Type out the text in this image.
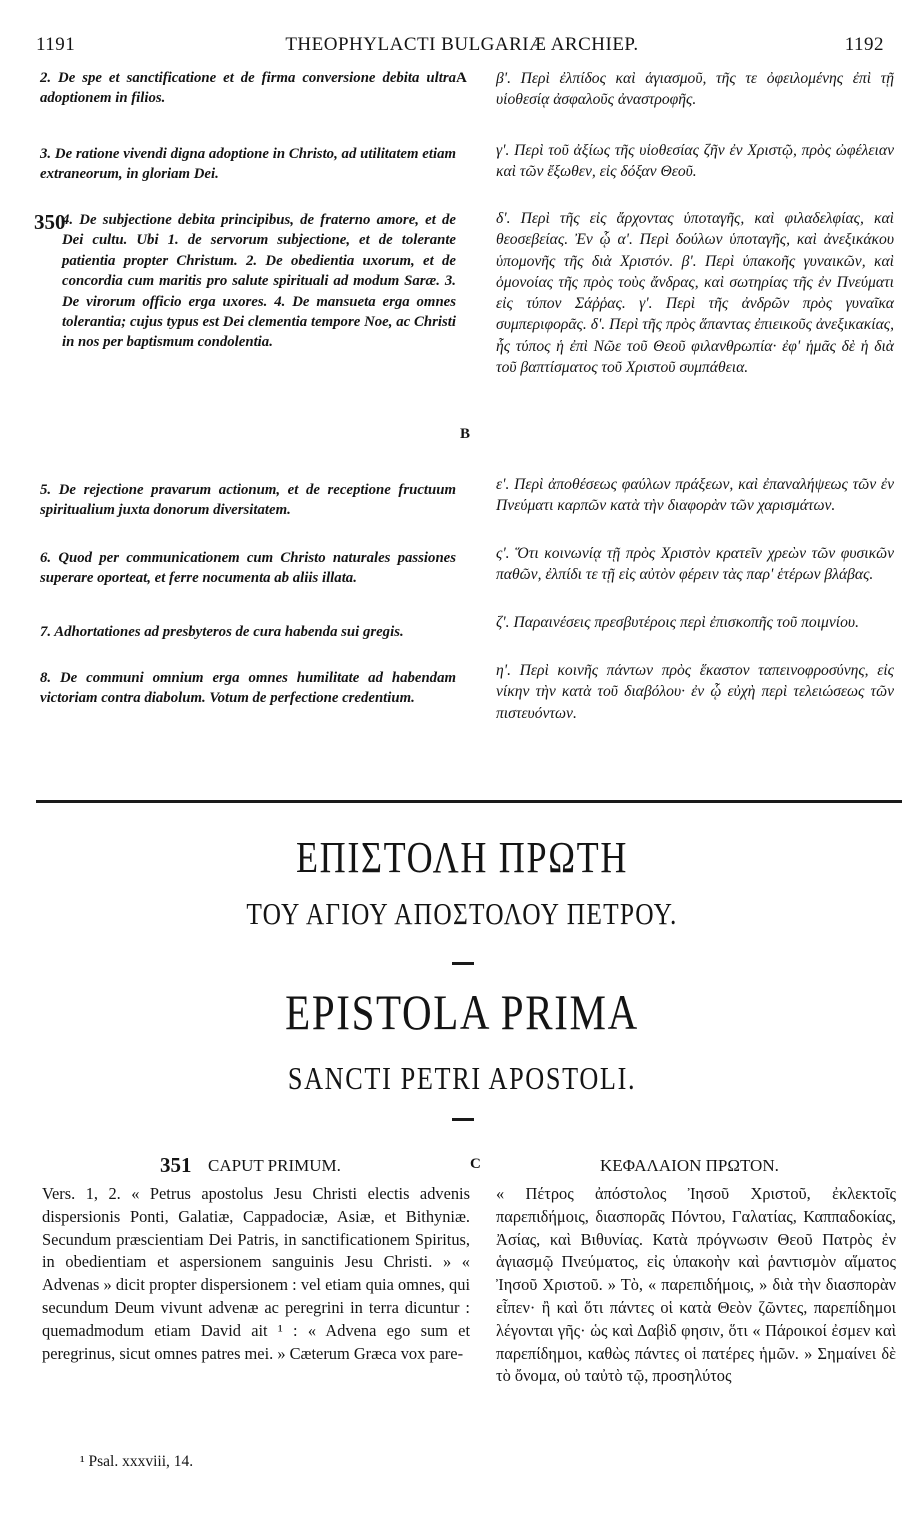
1191	THEOPHYLACTI BULGARIÆ ARCHIEP.	1192
A
B
C
350
2. De spe et sanctificatione et de firma conversione debita ultra adoptionem in filios.
3. De ratione vivendi digna adoptione in Christo, ad utilitatem etiam extraneorum, in gloriam Dei.
4. De subjectione debita principibus, de fraterno amore, et de Dei cultu. Ubi 1. de servorum subjectione, et de tolerante patientia propter Christum. 2. De obedientia uxorum, et de concordia cum maritis pro salute spirituali ad modum Saræ. 3. De virorum officio erga uxores. 4. De mansueta erga omnes tolerantia; cujus typus est Dei clementia tempore Noe, ac Christi in nos per baptismum condolentia.
5. De rejectione pravarum actionum, et de receptione fructuum spiritualium juxta donorum diversitatem.
6. Quod per communicationem cum Christo naturales passiones superare oporteat, et ferre nocumenta ab aliis illata.
7. Adhortationes ad presbyteros de cura habenda sui gregis.
8. De communi omnium erga omnes humilitate ad habendam victoriam contra diabolum. Votum de perfectione credentium.
β'. Περὶ ἐλπίδος καὶ ἁγιασμοῦ, τῆς τε ὀφειλομένης ἐπὶ τῇ υἱοθεσίᾳ ἀσφαλοῦς ἀναστροφῆς.
γ'. Περὶ τοῦ ἀξίως τῆς υἱοθεσίας ζῆν ἐν Χριστῷ, πρὸς ὠφέλειαν καὶ τῶν ἔξωθεν, εἰς δόξαν Θεοῦ.
δ'. Περὶ τῆς εἰς ἄρχοντας ὑποταγῆς, καὶ φιλαδελφίας, καὶ θεοσεβείας. Ἐν ᾧ α'. Περὶ δούλων ὑποταγῆς, καὶ ἀνεξικάκου ὑπομονῆς τῆς διὰ Χριστόν. β'. Περὶ ὑπακοῆς γυναικῶν, καὶ ὁμονοίας τῆς πρὸς τοὺς ἄνδρας, καὶ σωτηρίας τῆς ἐν Πνεύματι εἰς τύπον Σάῤῥας. γ'. Περὶ τῆς ἀνδρῶν πρὸς γυναῖκα συμπεριφορᾶς. δ'. Περὶ τῆς πρὸς ἅπαντας ἐπιεικοῦς ἀνεξικακίας, ἧς τύπος ἡ ἐπὶ Νῶε τοῦ Θεοῦ φιλανθρωπία· ἐφ' ἡμᾶς δὲ ἡ διὰ τοῦ βαπτίσματος τοῦ Χριστοῦ συμπάθεια.
ε'. Περὶ ἀποθέσεως φαύλων πράξεων, καὶ ἐπαναλήψεως τῶν ἐν Πνεύματι καρπῶν κατὰ τὴν διαφορὰν τῶν χαρισμάτων.
ς'. Ὅτι κοινωνίᾳ τῇ πρὸς Χριστὸν κρατεῖν χρεὼν τῶν φυσικῶν παθῶν, ἐλπίδι τε τῇ εἰς αὐτὸν φέρειν τὰς παρ' ἑτέρων βλάβας.
ζ'. Παραινέσεις πρεσβυτέροις περὶ ἐπισκοπῆς τοῦ ποιμνίου.
η'. Περὶ κοινῆς πάντων πρὸς ἕκαστον ταπεινοφροσύνης, εἰς νίκην τὴν κατὰ τοῦ διαβόλου· ἐν ᾧ εὐχὴ περὶ τελειώσεως τῶν πιστευόντων.
ΕΠΙΣΤΟΛΗ ΠΡΩΤΗ
ΤΟΥ ΑΓΙΟΥ ΑΠΟΣΤΟΛΟΥ ΠΕΤΡΟΥ.
EPISTOLA PRIMA
SANCTI PETRI APOSTOLI.
351 CAPUT PRIMUM.	ΚΕΦΑΛΑΙΟΝ ΠΡΩΤΟΝ.

Vers. 1, 2. « Petrus apostolus Jesu Christi electis advenis dispersionis Ponti, Galatiæ, Cappadociæ, Asiæ, et Bithyniæ. Secundum præscientiam Dei Patris, in sanctificationem Spiritus, in obedientiam et aspersionem sanguinis Jesu Christi. » « Advenas » dicit propter dispersionem : vel etiam quia omnes, qui secundum Deum vivunt advenæ ac peregrini in terra dicuntur : quemadmodum etiam David ait ¹ : « Advena ego sum et peregrinus, sicut omnes patres mei. » Cæterum Græca vox pare-

« Πέτρος ἀπόστολος Ἰησοῦ Χριστοῦ, ἐκλεκτοῖς παρεπιδήμοις, διασπορᾶς Πόντου, Γαλατίας, Καππαδοκίας, Ἀσίας, καὶ Βιθυνίας. Κατὰ πρόγνωσιν Θεοῦ Πατρὸς ἐν ἁγιασμῷ Πνεύματος, εἰς ὑπακοὴν καὶ ῥαντισμὸν αἵματος Ἰησοῦ Χριστοῦ. » Τὸ, « παρεπιδήμοις, » διὰ τὴν διασπορὰν εἶπεν· ἢ καὶ ὅτι πάντες οἱ κατὰ Θεὸν ζῶντες, παρεπίδημοι λέγονται γῆς· ὡς καὶ Δαβὶδ φησιν, ὅτι « Πάροικοί ἐσμεν καὶ παρεπίδημοι, καθὼς πάντες οἱ πατέρες ἡμῶν. » Σημαίνει δὲ τὸ ὄνομα, οὐ ταὐτὸ τῷ, προσηλύτος

¹ Psal. xxxviii, 14.
